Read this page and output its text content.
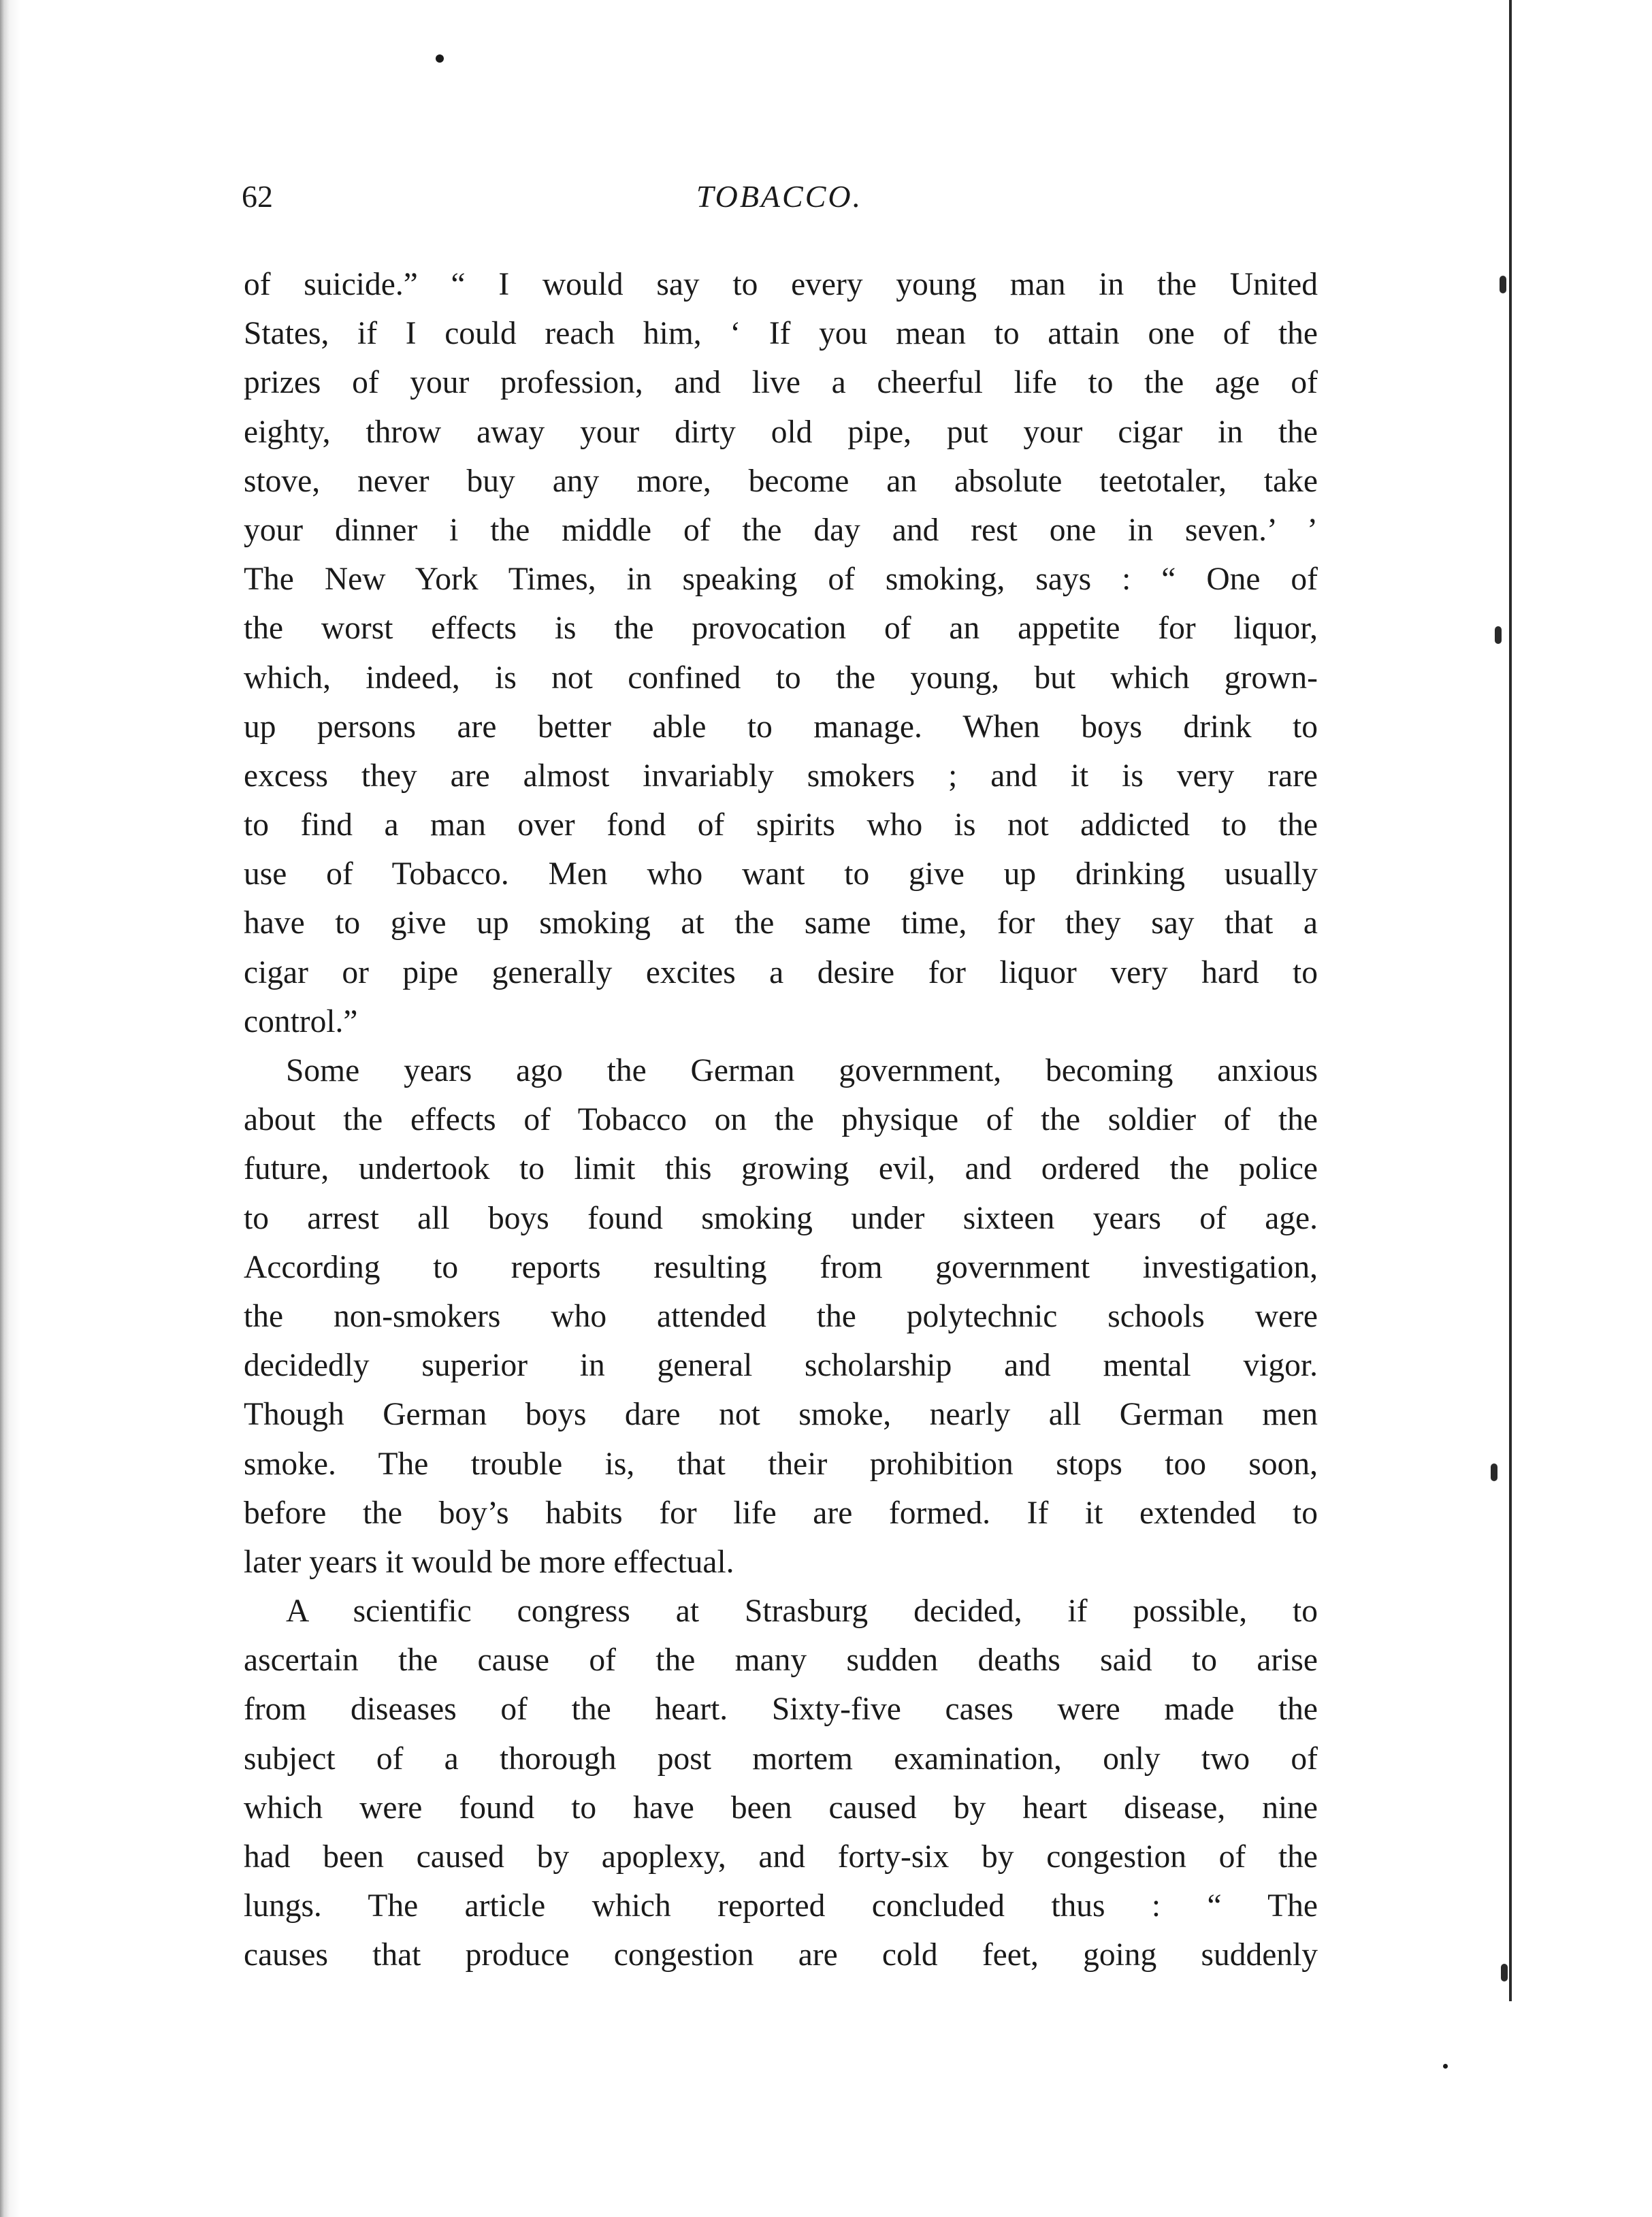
62	TOBACCO.
of suicide.” “ I would say to every young man in the United
States, if I could reach him, ‘ If you mean to attain one of the
prizes of your profession, and live a cheerful life to the age of
eighty, throw away your dirty old pipe, put your cigar in the
stove, never buy any more, become an absolute teetotaler, take
your dinner i the middle of the day and rest one in seven.’ ’
The New York Times, in speaking of smoking, says : “ One of
the worst effects is the provocation of an appetite for liquor,
which, indeed, is not confined to the young, but which grown-
up persons are better able to manage. When boys drink to
excess they are almost invariably smokers ; and it is very rare
to find a man over fond of spirits who is not addicted to the
use of Tobacco. Men who want to give up drinking usually
have to give up smoking at the same time, for they say that a
cigar or pipe generally excites a desire for liquor very hard to
control.”
Some years ago the German government, becoming anxious
about the effects of Tobacco on the physique of the soldier of the
future, undertook to limit this growing evil, and ordered the police
to arrest all boys found smoking under sixteen years of age.
According to reports resulting from government investigation,
the non-smokers who attended the polytechnic schools were
decidedly superior in general scholarship and mental vigor.
Though German boys dare not smoke, nearly all German men
smoke. The trouble is, that their prohibition stops too soon,
before the boy’s habits for life are formed. If it extended to
later years it would be more effectual.
A scientific congress at Strasburg decided, if possible, to
ascertain the cause of the many sudden deaths said to arise
from diseases of the heart. Sixty-five cases were made the
subject of a thorough post mortem examination, only two of
which were found to have been caused by heart disease, nine
had been caused by apoplexy, and forty-six by congestion of the
lungs. The article which reported concluded thus : “ The
causes that produce congestion are cold feet, going suddenly
